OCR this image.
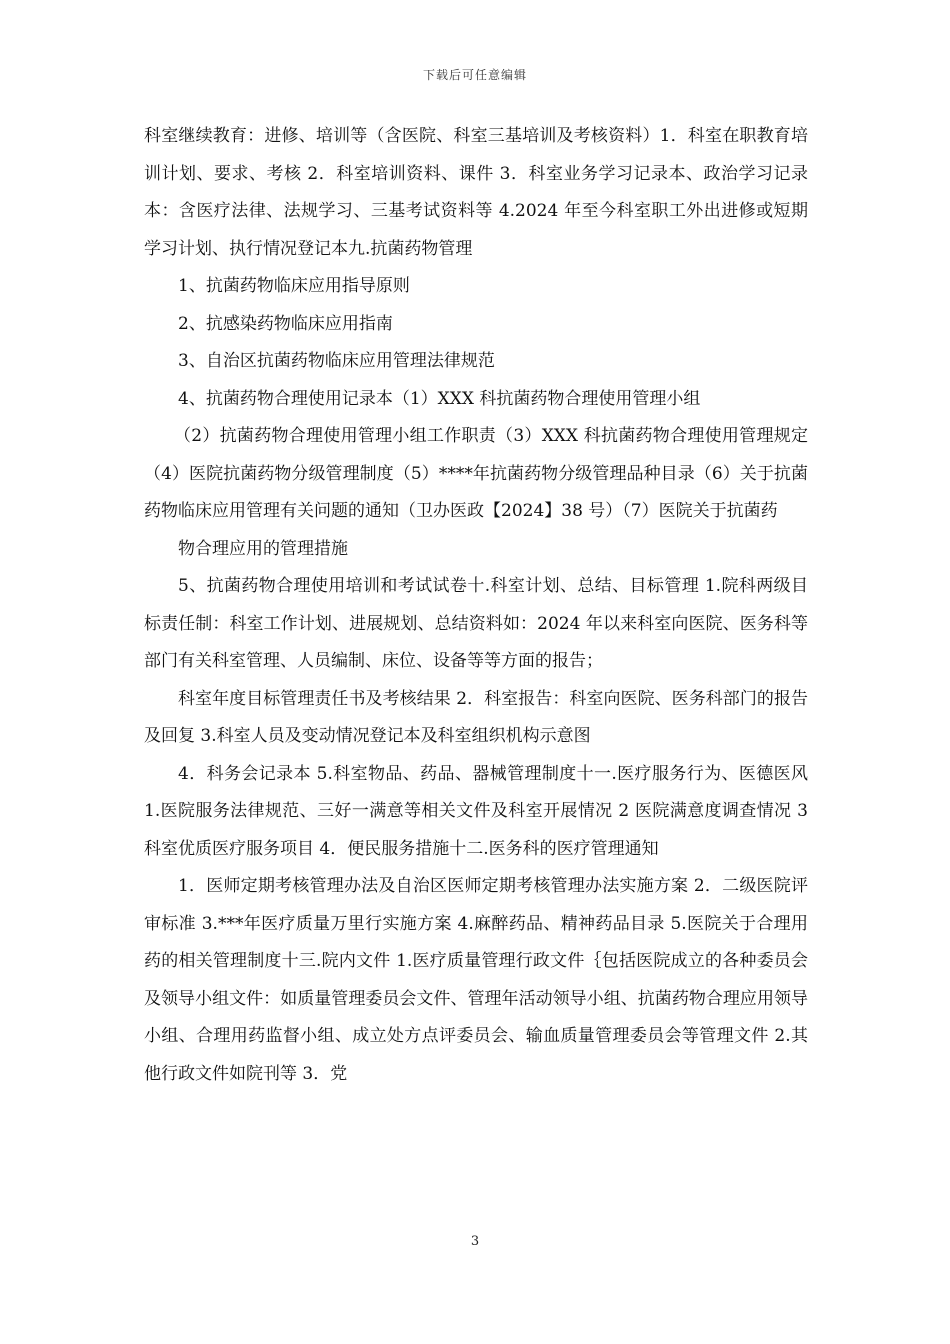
下载后可任意编辑

科室继续教育：进修、培训等（含医院、科室三基培训及考核资料）1．科室在职教育培训计划、要求、考核 2．科室培训资料、课件 3．科室业务学习记录本、政治学习记录本：含医疗法律、法规学习、三基考试资料等 4.2024 年至今科室职工外出进修或短期学习计划、执行情况登记本九.抗菌药物管理

1、抗菌药物临床应用指导原则

2、抗感染药物临床应用指南

3、自治区抗菌药物临床应用管理法律规范

4、抗菌药物合理使用记录本（1）XXX 科抗菌药物合理使用管理小组

（2）抗菌药物合理使用管理小组工作职责（3）XXX 科抗菌药物合理使用管理规定（4）医院抗菌药物分级管理制度（5）****年抗菌药物分级管理品种目录（6）关于抗菌药物临床应用管理有关问题的通知（卫办医政【2024】38 号）（7）医院关于抗菌药

物合理应用的管理措施

5、抗菌药物合理使用培训和考试试卷十.科室计划、总结、目标管理 1.院科两级目标责任制：科室工作计划、进展规划、总结资料如：2024 年以来科室向医院、医务科等部门有关科室管理、人员编制、床位、设备等等方面的报告；

科室年度目标管理责任书及考核结果 2．科室报告：科室向医院、医务科部门的报告及回复 3.科室人员及变动情况登记本及科室组织机构示意图

4．科务会记录本 5.科室物品、药品、器械管理制度十一.医疗服务行为、医德医风 1.医院服务法律规范、三好一满意等相关文件及科室开展情况 2 医院满意度调查情况 3 科室优质医疗服务项目 4．便民服务措施十二.医务科的医疗管理通知

1．医师定期考核管理办法及自治区医师定期考核管理办法实施方案 2．二级医院评审标准 3.***年医疗质量万里行实施方案 4.麻醉药品、精神药品目录 5.医院关于合理用药的相关管理制度十三.院内文件 1.医疗质量管理行政文件｛包括医院成立的各种委员会及领导小组文件：如质量管理委员会文件、管理年活动领导小组、抗菌药物合理应用领导小组、合理用药监督小组、成立处方点评委员会、输血质量管理委员会等管理文件 2.其他行政文件如院刊等 3．党

3
